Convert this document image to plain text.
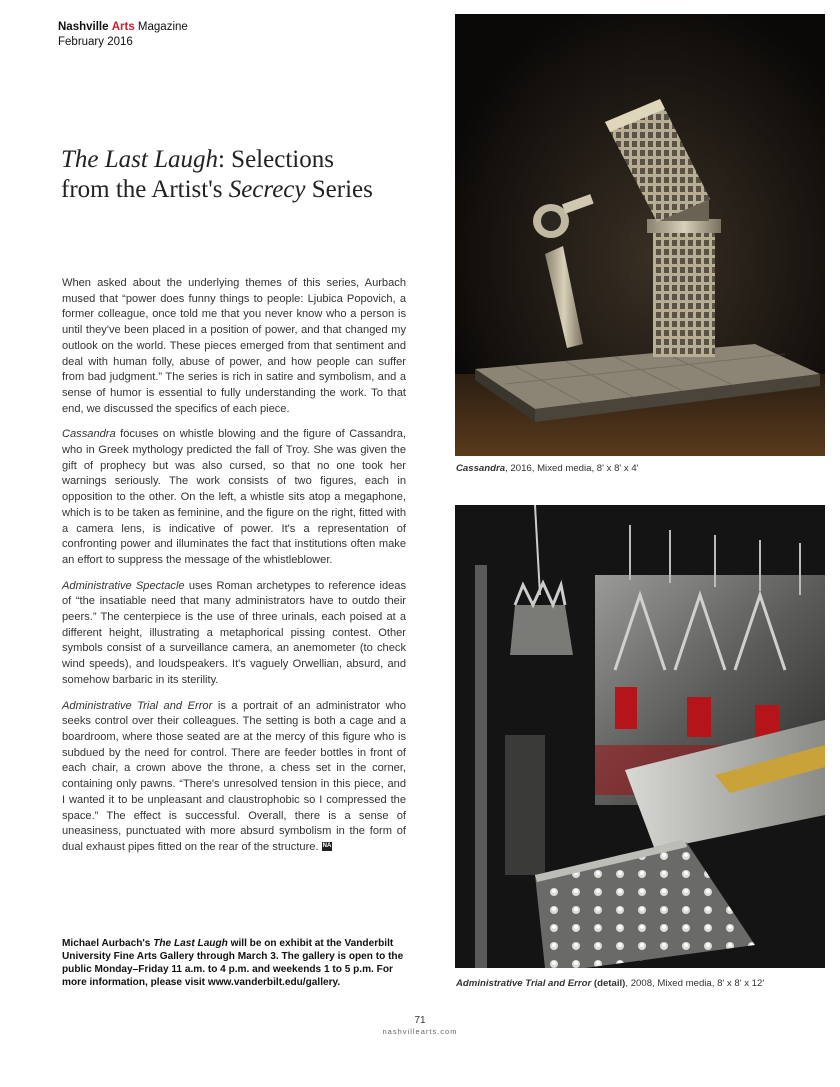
Nashville Arts Magazine
February 2016
The Last Laugh: Selections
from the Artist's Secrecy Series

When asked about the underlying themes of this series, Aurbach mused that “power does funny things to people: Ljubica Popovich, a former colleague, once told me that you never know who a person is until they've been placed in a position of power, and that changed my outlook on the world. These pieces emerged from that sentiment and deal with human folly, abuse of power, and how people can suffer from bad judgment.” The series is rich in satire and symbolism, and a sense of humor is essential to fully understanding the work. To that end, we discussed the specifics of each piece.

Cassandra focuses on whistle blowing and the figure of Cassandra, who in Greek mythology predicted the fall of Troy. She was given the gift of prophecy but was also cursed, so that no one took her warnings seriously. The work consists of two figures, each in opposition to the other. On the left, a whistle sits atop a megaphone, which is to be taken as feminine, and the figure on the right, fitted with a camera lens, is indicative of power. It's a representation of confronting power and illuminates the fact that institutions often make an effort to suppress the message of the whistleblower.

Administrative Spectacle uses Roman archetypes to reference ideas of “the insatiable need that many administrators have to outdo their peers.” The centerpiece is the use of three urinals, each poised at a different height, illustrating a metaphorical pissing contest. Other symbols consist of a surveillance camera, an anemometer (to check wind speeds), and loudspeakers. It's vaguely Orwellian, absurd, and somehow barbaric in its sterility.

Administrative Trial and Error is a portrait of an administrator who seeks control over their colleagues. The setting is both a cage and a boardroom, where those seated are at the mercy of this figure who is subdued by the need for control. There are feeder bottles in front of each chair, a crown above the throne, a chess set in the corner, containing only pawns. “There's unresolved tension in this piece, and I wanted it to be unpleasant and claustrophobic so I compressed the space.” The effect is successful. Overall, there is a sense of uneasiness, punctuated with more absurd symbolism in the form of dual exhaust pipes fitted on the rear of the structure. NA

Michael Aurbach's The Last Laugh will be on exhibit at the Vanderbilt University Fine Arts Gallery through March 3. The gallery is open to the public Monday–Friday 11 a.m. to 4 p.m. and weekends 1 to 5 p.m. For more information, please visit www.vanderbilt.edu/gallery.
Cassandra, 2016, Mixed media, 8' x 8' x 4'
Administrative Trial and Error (detail), 2008, Mixed media, 8' x 8' x 12'
71
nashvillearts.com
